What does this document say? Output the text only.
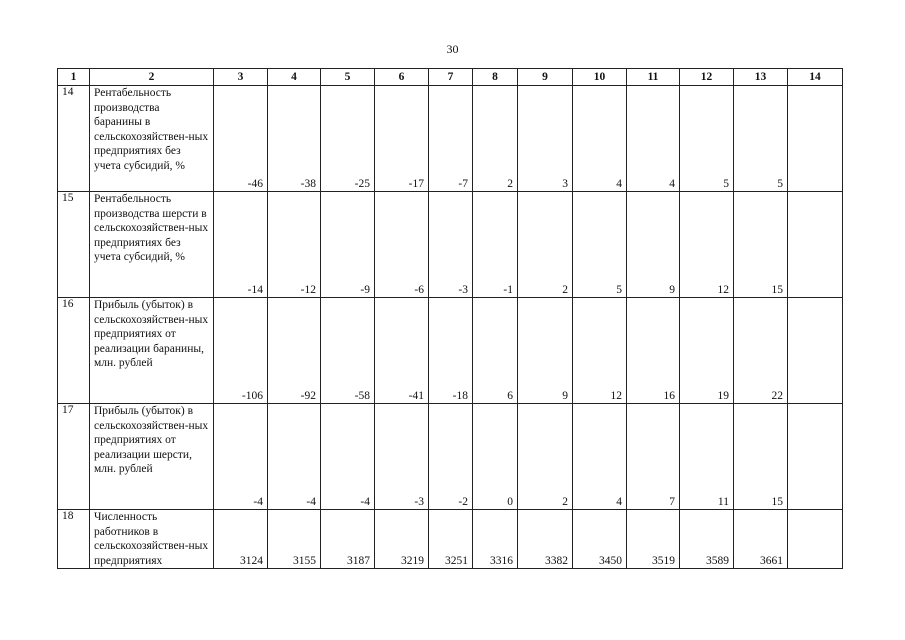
30
1	2	3	4	5	6	7	8	9	10	11	12	13	14
14	Рентабельность производства баранины в сельскохозяйствен-ных предприятиях без учета субсидий, %	-46	-38	-25	-17	-7	2	3	4	4	5	5	
15	Рентабельность производства шерсти в сельскохозяйствен-ных предприятиях без учета субсидий, %	-14	-12	-9	-6	-3	-1	2	5	9	12	15	
16	Прибыль (убыток) в сельскохозяйствен-ных предприятиях от реализации баранины, млн. рублей	-106	-92	-58	-41	-18	6	9	12	16	19	22	
17	Прибыль (убыток) в сельскохозяйствен-ных предприятиях от реализации шерсти, млн. рублей	-4	-4	-4	-3	-2	0	2	4	7	11	15	
18	Численность работников в сельскохозяйствен-ных предприятиях	3124	3155	3187	3219	3251	3316	3382	3450	3519	3589	3661	
